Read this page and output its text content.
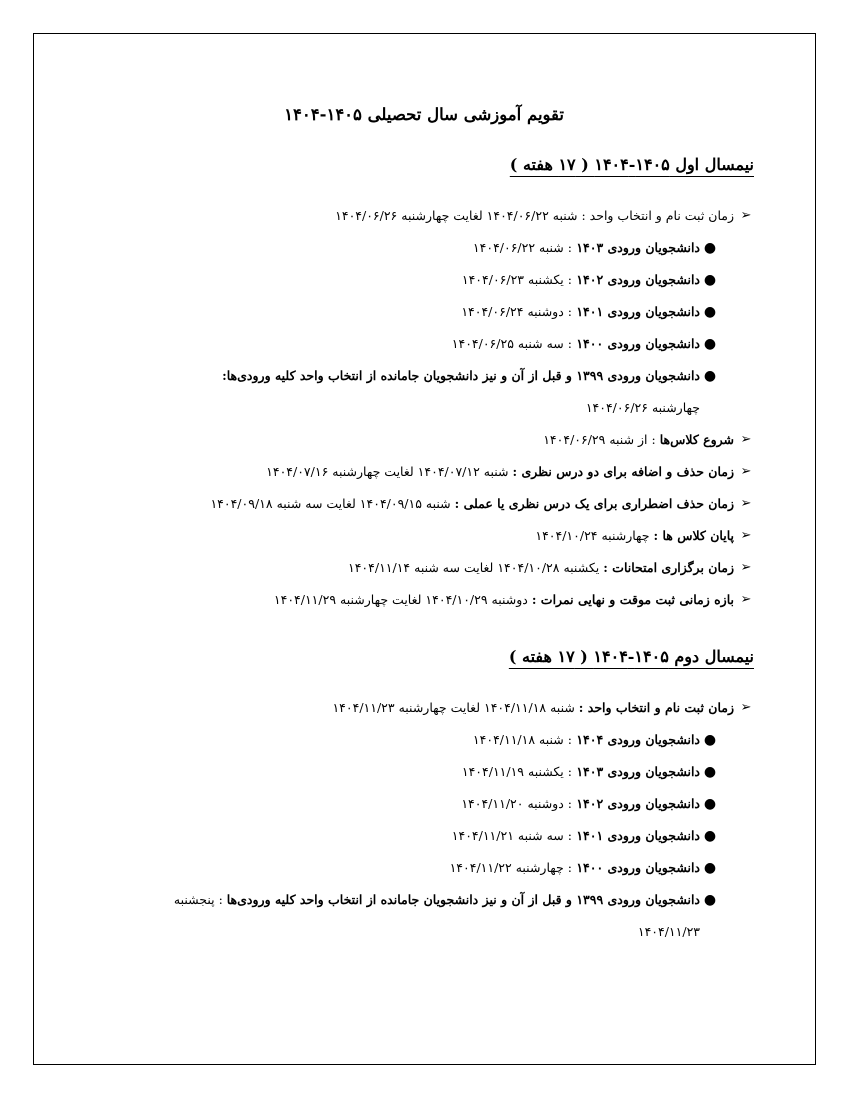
تقویم آموزشی سال تحصیلی ۱۴۰۵-۱۴۰۴
نیمسال اول ۱۴۰۵-۱۴۰۴ ( ۱۷ هفته )
➢
زمان ثبت نام و انتخاب واحد : شنبه ۱۴۰۴/۰۶/۲۲ لغایت چهارشنبه ۱۴۰۴/۰۶/۲۶
●
دانشجویان ورودی ۱۴۰۳ : شنبه ۱۴۰۴/۰۶/۲۲
●
دانشجویان ورودی ۱۴۰۲ : یکشنبه ۱۴۰۴/۰۶/۲۳
●
دانشجویان ورودی ۱۴۰۱ : دوشنبه ۱۴۰۴/۰۶/۲۴
●
دانشجویان ورودی ۱۴۰۰ : سه شنبه ۱۴۰۴/۰۶/۲۵
●
دانشجویان ورودی ۱۳۹۹ و قبل از آن و نیز دانشجویان جامانده از انتخاب واحد کلیه ورودی‌ها:
چهارشنبه ۱۴۰۴/۰۶/۲۶
➢
شروع کلاس‌ها : از شنبه ۱۴۰۴/۰۶/۲۹
➢
زمان حذف و اضافه برای دو درس نظری : شنبه ۱۴۰۴/۰۷/۱۲ لغایت چهارشنبه ۱۴۰۴/۰۷/۱۶
➢
زمان حذف اضطراری برای یک درس نظری یا عملی : شنبه ۱۴۰۴/۰۹/۱۵ لغایت سه شنبه ۱۴۰۴/۰۹/۱۸
➢
پایان کلاس ها : چهارشنبه ۱۴۰۴/۱۰/۲۴
➢
زمان برگزاری امتحانات : یکشنبه ۱۴۰۴/۱۰/۲۸ لغایت سه شنبه ۱۴۰۴/۱۱/۱۴
➢
بازه زمانی ثبت موقت و نهایی نمرات : دوشنبه ۱۴۰۴/۱۰/۲۹ لغایت چهارشنبه ۱۴۰۴/۱۱/۲۹
نیمسال دوم ۱۴۰۵-۱۴۰۴ ( ۱۷ هفته )
➢
زمان ثبت نام و انتخاب واحد : شنبه ۱۴۰۴/۱۱/۱۸ لغایت چهارشنبه ۱۴۰۴/۱۱/۲۳
●
دانشجویان ورودی ۱۴۰۴ : شنبه ۱۴۰۴/۱۱/۱۸
●
دانشجویان ورودی ۱۴۰۳ : یکشنبه ۱۴۰۴/۱۱/۱۹
●
دانشجویان ورودی ۱۴۰۲ : دوشنبه ۱۴۰۴/۱۱/۲۰
●
دانشجویان ورودی ۱۴۰۱ : سه شنبه ۱۴۰۴/۱۱/۲۱
●
دانشجویان ورودی ۱۴۰۰ : چهارشنبه ۱۴۰۴/۱۱/۲۲
●
دانشجویان ورودی ۱۳۹۹ و قبل از آن و نیز دانشجویان جامانده از انتخاب واحد کلیه ورودی‌ها : پنجشنبه
۱۴۰۴/۱۱/۲۳
